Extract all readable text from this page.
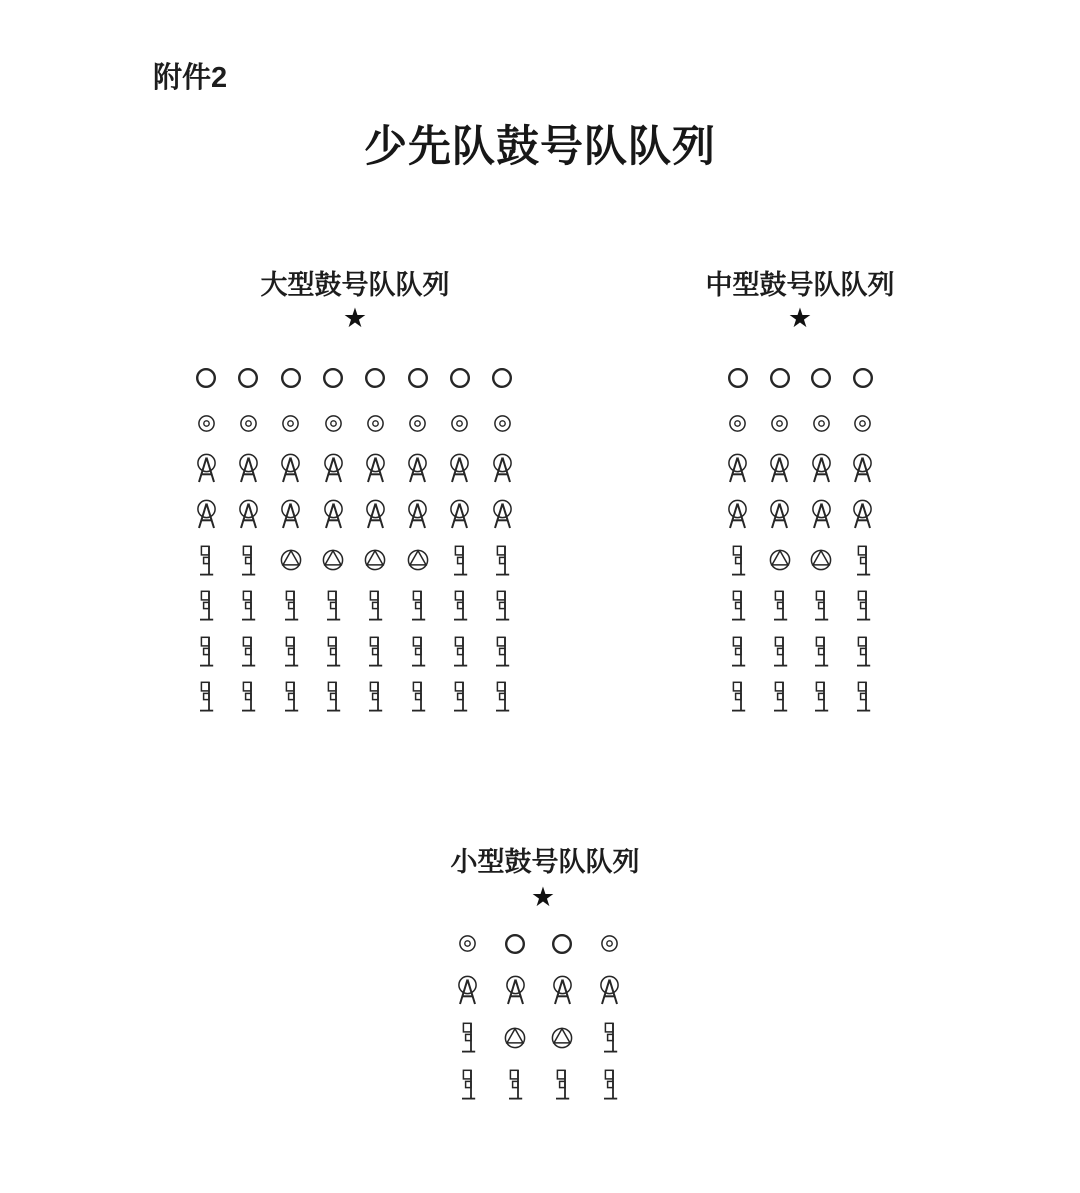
附件2
少先队鼓号队队列
大型鼓号队队列
★
中型鼓号队队列
★
小型鼓号队队列
★
